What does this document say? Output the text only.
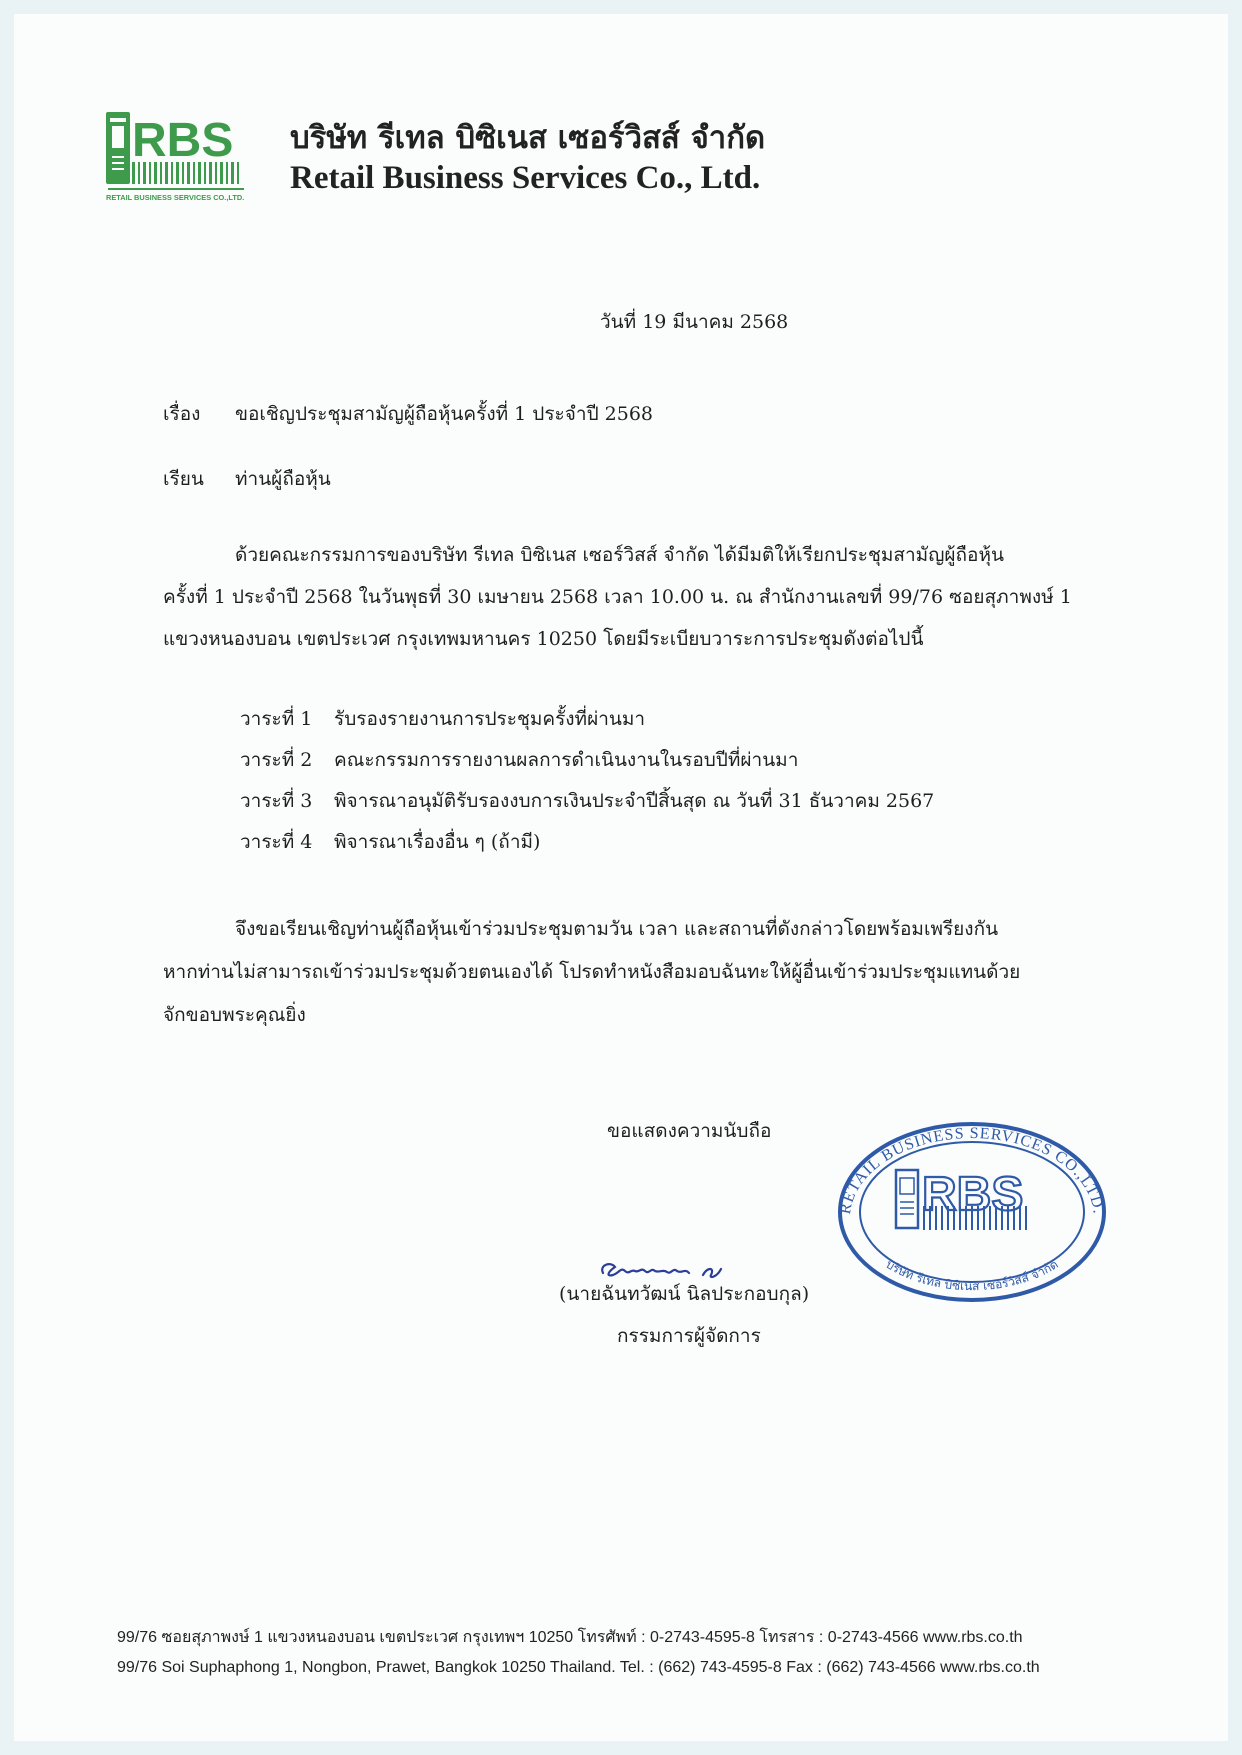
RBS
RETAIL BUSINESS SERVICES CO.,LTD.
บริษัท รีเทล บิซิเนส เซอร์วิสส์ จำกัด
Retail Business Services Co., Ltd.
วันที่ 19 มีนาคม 2568
เรื่อง ขอเชิญประชุมสามัญผู้ถือหุ้นครั้งที่ 1 ประจำปี 2568
เรียน ท่านผู้ถือหุ้น
ด้วยคณะกรรมการของบริษัท รีเทล บิซิเนส เซอร์วิสส์ จำกัด ได้มีมติให้เรียกประชุมสามัญผู้ถือหุ้น
ครั้งที่ 1 ประจำปี 2568 ในวันพุธที่ 30 เมษายน 2568 เวลา 10.00 น. ณ สำนักงานเลขที่ 99/76 ซอยสุภาพงษ์ 1
แขวงหนองบอน เขตประเวศ กรุงเทพมหานคร 10250 โดยมีระเบียบวาระการประชุมดังต่อไปนี้
วาระที่ 1 รับรองรายงานการประชุมครั้งที่ผ่านมา
วาระที่ 2 คณะกรรมการรายงานผลการดำเนินงานในรอบปีที่ผ่านมา
วาระที่ 3 พิจารณาอนุมัติรับรองงบการเงินประจำปีสิ้นสุด ณ วันที่ 31 ธันวาคม 2567
วาระที่ 4 พิจารณาเรื่องอื่น ๆ (ถ้ามี)
จึงขอเรียนเชิญท่านผู้ถือหุ้นเข้าร่วมประชุมตามวัน เวลา และสถานที่ดังกล่าวโดยพร้อมเพรียงกัน
หากท่านไม่สามารถเข้าร่วมประชุมด้วยตนเองได้ โปรดทำหนังสือมอบฉันทะให้ผู้อื่นเข้าร่วมประชุมแทนด้วย
จักขอบพระคุณยิ่ง
ขอแสดงความนับถือ
(นายฉันทวัฒน์ นิลประกอบกุล)
กรรมการผู้จัดการ
RETAIL BUSINESS SERVICES CO.,LTD.
บริษัท รีเทล บิซิเนส เซอร์วิสส์ จำกัด
RBS
99/76 ซอยสุภาพงษ์ 1 แขวงหนองบอน เขตประเวศ กรุงเทพฯ 10250 โทรศัพท์ : 0-2743-4595-8 โทรสาร : 0-2743-4566 www.rbs.co.th
99/76 Soi Suphaphong 1, Nongbon, Prawet, Bangkok 10250 Thailand. Tel. : (662) 743-4595-8 Fax : (662) 743-4566 www.rbs.co.th
